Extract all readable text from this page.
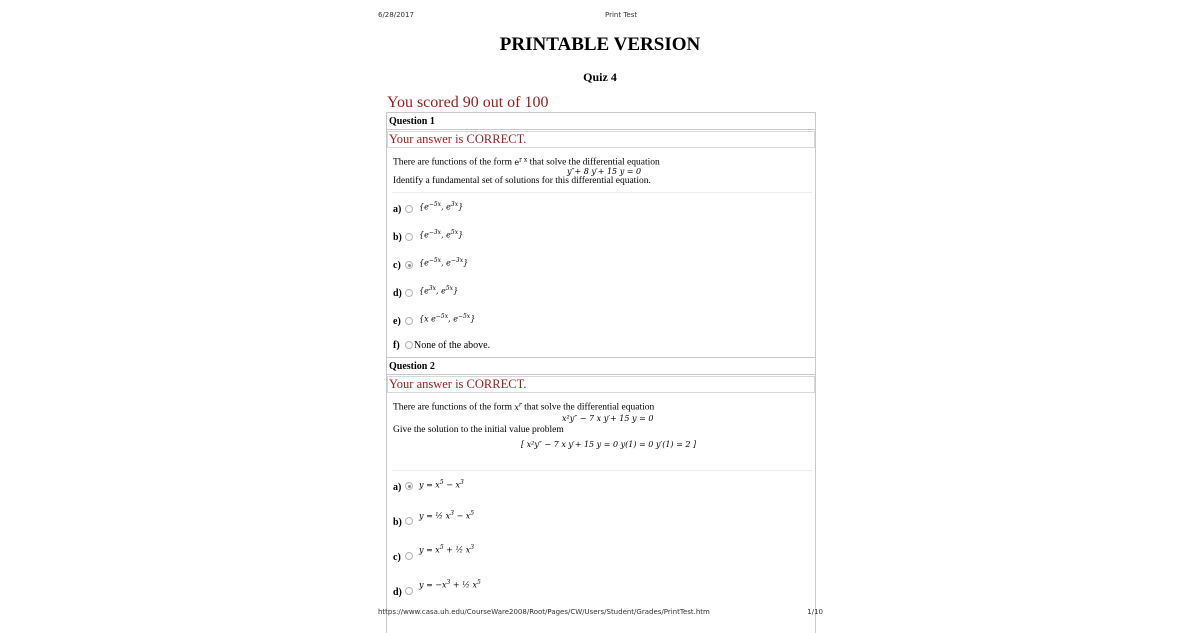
6/28/2017	Print Test
PRINTABLE VERSION
Quiz 4
You scored 90 out of 100
Question 1
Your answer is CORRECT.
There are functions of the form $e^{r x}$ that solve the differential equation
y″+ 8 y′+ 15 y = 0
Identify a fundamental set of solutions for this differential equation.
a) {$e^{-5x}$, $e^{3x}$}
b) {$e^{-3x}$, $e^{5x}$}
c) {$e^{-5x}$, $e^{-3x}$}
d) {$e^{3x}$, $e^{5x}$}
e) {x $e^{-5x}$, $e^{-5x}$}
f) None of the above.
Question 2
Your answer is CORRECT.
There are functions of the form $x^r$ that solve the differential equation
x²y″ − 7 x y′+ 15 y = 0
Give the solution to the initial value problem
[ x²y″ − 7 x y′+ 15 y = 0 y(1) = 0 y′(1) = 2 ]
a) $y = x^5 - x^3$
b)
y = ½ $x^3 - x^5$
c)
$y = x^5$ + ½ $x^3$
d)
$y = -x^3$ + ½ $x^5$
https://www.casa.uh.edu/CourseWare2008/Root/Pages/CW/Users/Student/Grades/PrintTest.htm	1/10
